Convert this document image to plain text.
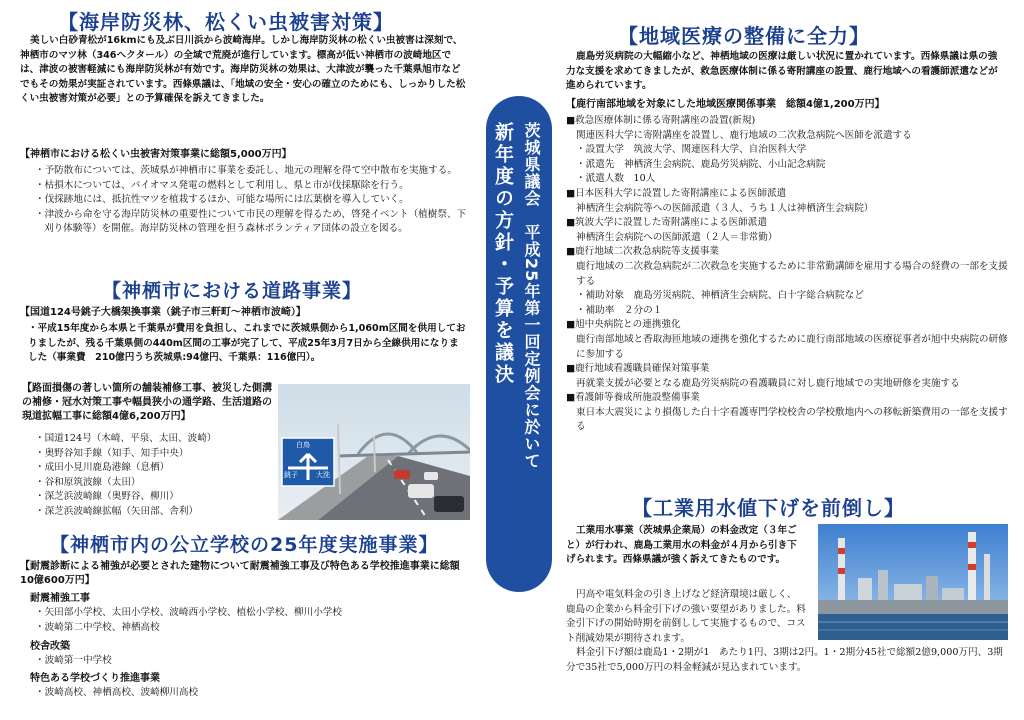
【海岸防災林、松くい虫被害対策】

美しい白砂青松が16kmにも及ぶ日川浜から波崎海岸。しかし海岸防災林の松くい虫被害は深刻で、神栖市のマツ林（346ヘクタール）の全域で荒廃が進行しています。標高が低い神栖市の波崎地区では、津波の被害軽減にも海岸防災林が有効です。海岸防災林の効果は、大津波が襲った千葉県旭市などでもその効果が実証されています。西條県議は、「地域の安全・安心の確立のためにも、しっかりした松くい虫被害対策が必要」との予算確保を訴えてきました。

【神栖市における松くい虫被害対策事業に総額5,000万円】

・予防散布については、茨城県が神栖市に事業を委託し、地元の理解を得て空中散布を実施する。
・枯損木については、バイオマス発電の燃料として利用し、県と市が伐採駆除を行う。
・伐採跡地には、抵抗性マツを植栽するほか、可能な場所には広葉樹を導入していく。
・津波から命を守る海岸防災林の重要性について市民の理解を得るため、啓発イベント（植樹祭、下刈り体験等）を開催。海岸防災林の管理を担う森林ボランティア団体の設立を図る。
【神栖市における道路事業】

【国道124号銚子大橋架換事業（銚子市三軒町～神栖市波崎）】

・平成15年度から本県と千葉県が費用を負担し、これまでに茨城県側から1,060m区間を供用しておりましたが、残る千葉県側の440m区間の工事が完了して、平成25年3月7日から全線供用になりました（事業費　210億円うち茨城県:94億円、千葉県：116億円）。

【路面損傷の著しい箇所の舗装補修工事、被災した側溝の補修・冠水対策工事や幅員狭小の通学路、生活道路の現道拡幅工事に総額4億6,200万円】

・国道124号（木崎、平泉、太田、波崎）
・奥野谷知手線（知手、知手中央）
・成田小見川鹿島港線（息栖）
・谷和原筑波線（太田）
・深芝浜波崎線（奥野谷、柳川）
・深芝浜波崎線拡幅（矢田部、舎利）
白鳥
銚子	大洗
【神栖市内の公立学校の25年度実施事業】

【耐震診断による補強が必要とされた建物について耐震補強工事及び特色ある学校推進事業に総額10億600万円】

耐震補強工事

・矢田部小学校、太田小学校、波崎西小学校、植松小学校、柳川小学校
・波崎第二中学校、神栖高校

校舎改築

・波崎第一中学校

特色ある学校づくり推進事業

・波崎高校、神栖高校、波崎柳川高校
茨城県議会　平成25年第一回定例会に於いて
新年度の方針・予算を議決
【地域医療の整備に全力】

鹿島労災病院の大幅縮小など、神栖地域の医療は厳しい状況に置かれています。西條県議は県の強力な支援を求めてきましたが、救急医療体制に係る寄附講座の設置、鹿行地域への看護師派遣などが進められています。

【鹿行南部地域を対象にした地域医療関係事業　総額4億1,200万円】

■救急医療体制に係る寄附講座の設置(新規)
関連医科大学に寄附講座を設置し、鹿行地域の二次救急病院へ医師を派遣する
・設置大学　筑波大学、関連医科大学、自治医科大学
・派遣先　神栖済生会病院、鹿島労災病院、小山記念病院
・派遣人数　10人
■日本医科大学に設置した寄附講座による医師派遣
神栖済生会病院等への医師派遣（３人、うち１人は神栖済生会病院）
■筑波大学に設置した寄附講座による医師派遣
神栖済生会病院への医師派遣（２人＝非常勤）
■鹿行地域二次救急病院等支援事業
鹿行地域の二次救急病院が二次救急を実施するために非常勤講師を雇用する場合の経費の一部を支援する
・補助対象　鹿島労災病院、神栖済生会病院、白十字総合病院など
・補助率　２分の１
■旭中央病院との連携強化
鹿行南部地域と香取海匝地域の連携を強化するために鹿行南部地域の医療従事者が旭中央病院の研修に参加する
■鹿行地域看護職員確保対策事業
再就業支援が必要となる鹿島労災病院の看護職員に対し鹿行地域での実地研修を実施する
■看護師等養成所施設整備事業
東日本大震災により損傷した白十字看護専門学校校舎の学校敷地内への移転新築費用の一部を支援する
【工業用水値下げを前倒し】

工業用水事業（茨城県企業局）の料金改定（３年ごと）が行われ、鹿島工業用水の料金が４月から引き下げられます。西條県議が強く訴えてきたものです。

円高や電気料金の引き上げなど経済環境は厳しく、鹿島の企業から料金引下げの強い要望がありました。料金引下げの開始時期を前倒しして実施するもので、コスト削減効果が期待されます。

料金引下げ額は鹿島1・2期が1　あたり1円、3期は2円。1・2期分45社で総額2億9,000万円、3期分で35社で5,000万円の料金軽減が見込まれています。
